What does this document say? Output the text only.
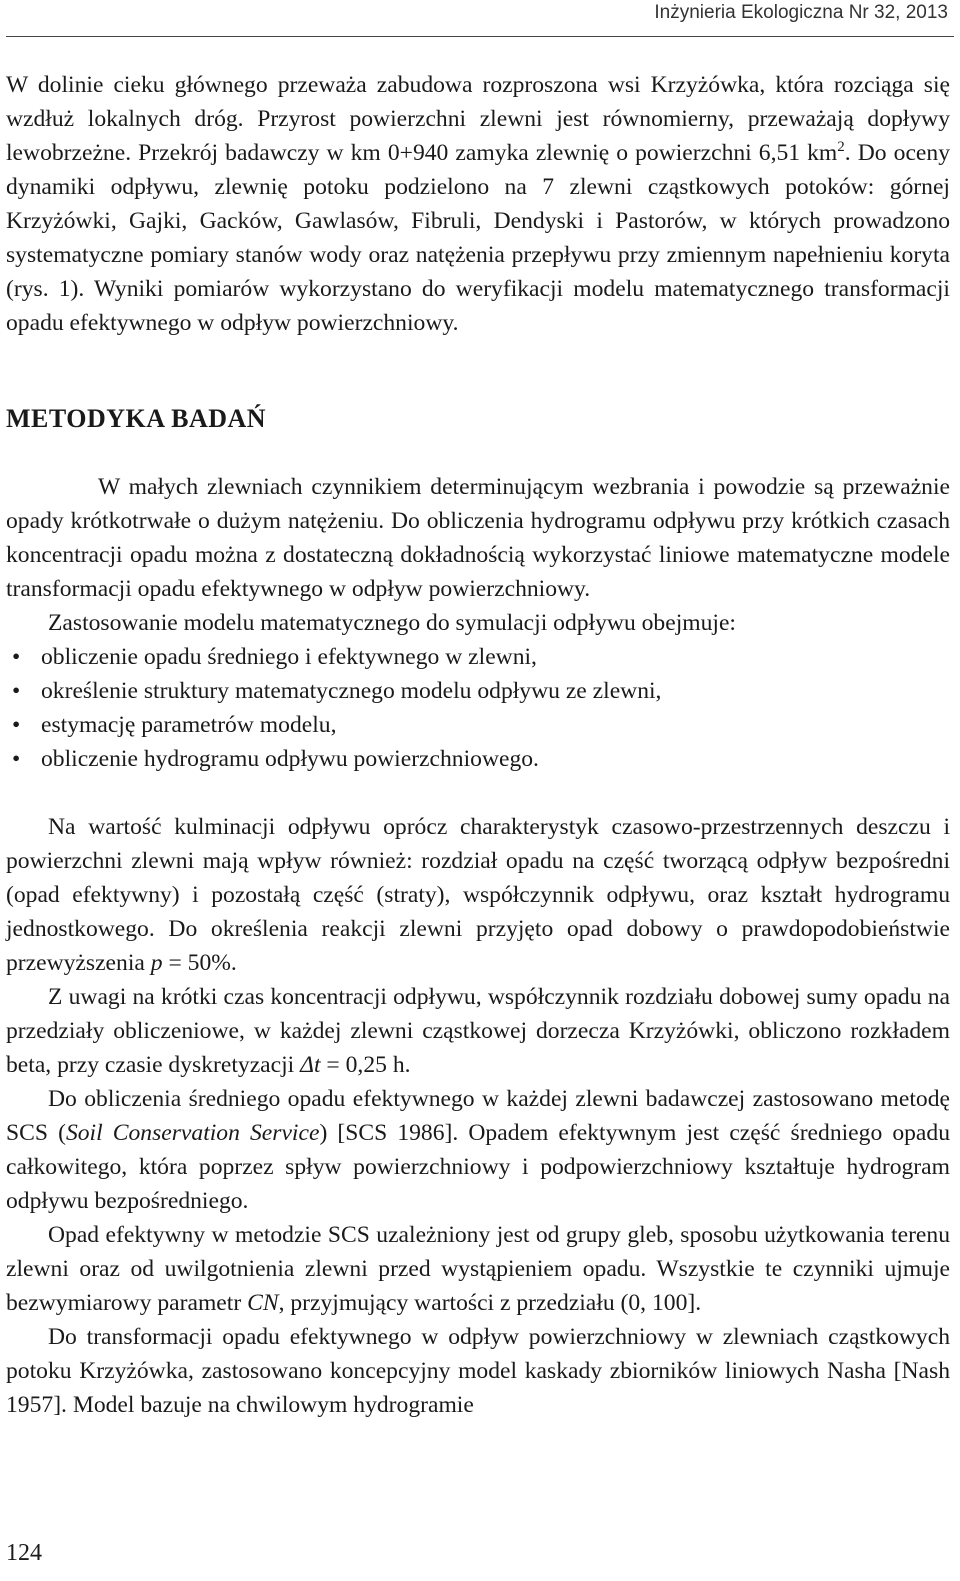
Inżynieria Ekologiczna Nr 32, 2013

W dolinie cieku głównego przeważa zabudowa rozproszona wsi Krzyżówka, która rozciąga się wzdłuż lokalnych dróg. Przyrost powierzchni zlewni jest równomierny, przeważają dopływy lewobrzeżne. Przekrój badawczy w km 0+940 zamyka zlewnię o powierzchni 6,51 $km^2$. Do oceny dynamiki odpływu, zlewnię potoku podzielono na 7 zlewni cząstkowych potoków: górnej Krzyżówki, Gajki, Gacków, Gawlasów, Fibruli, Dendyski i Pastorów, w których prowadzono systematyczne pomiary stanów wody oraz natężenia przepływu przy zmiennym napełnieniu koryta (rys. 1). Wyniki pomiarów wykorzystano do weryfikacji modelu matematycznego transformacji opadu efektywnego w odpływ powierzchniowy.

METODYKA BADAŃ

W małych zlewniach czynnikiem determinującym wezbrania i powodzie są przeważnie opady krótkotrwałe o dużym natężeniu. Do obliczenia hydrogramu odpływu przy krótkich czasach koncentracji opadu można z dostateczną dokładnością wykorzystać liniowe matematyczne modele transformacji opadu efektywnego w odpływ powierzchniowy.

Zastosowanie modelu matematycznego do symulacji odpływu obejmuje:

• obliczenie opadu średniego i efektywnego w zlewni,
• określenie struktury matematycznego modelu odpływu ze zlewni,
• estymację parametrów modelu,
• obliczenie hydrogramu odpływu powierzchniowego.

Na wartość kulminacji odpływu oprócz charakterystyk czasowo-przestrzennych deszczu i powierzchni zlewni mają wpływ również: rozdział opadu na część tworzącą odpływ bezpośredni (opad efektywny) i pozostałą część (straty), współczynnik odpływu, oraz kształt hydrogramu jednostkowego. Do określenia reakcji zlewni przyjęto opad dobowy o prawdopodobieństwie przewyższenia p = 50%.

Z uwagi na krótki czas koncentracji odpływu, współczynnik rozdziału dobowej sumy opadu na przedziały obliczeniowe, w każdej zlewni cząstkowej dorzecza Krzyżówki, obliczono rozkładem beta, przy czasie dyskretyzacji Δt = 0,25 h.

Do obliczenia średniego opadu efektywnego w każdej zlewni badawczej zastosowano metodę SCS (Soil Conservation Service) [SCS 1986]. Opadem efektywnym jest część średniego opadu całkowitego, która poprzez spływ powierzchniowy i podpowierzchniowy kształtuje hydrogram odpływu bezpośredniego.

Opad efektywny w metodzie SCS uzależniony jest od grupy gleb, sposobu użytkowania terenu zlewni oraz od uwilgotnienia zlewni przed wystąpieniem opadu. Wszystkie te czynniki ujmuje bezwymiarowy parametr CN, przyjmujący wartości z przedziału (0, 100].

Do transformacji opadu efektywnego w odpływ powierzchniowy w zlewniach cząstkowych potoku Krzyżówka, zastosowano koncepcyjny model kaskady zbiorników liniowych Nasha [Nash 1957]. Model bazuje na chwilowym hydrogramie

124
